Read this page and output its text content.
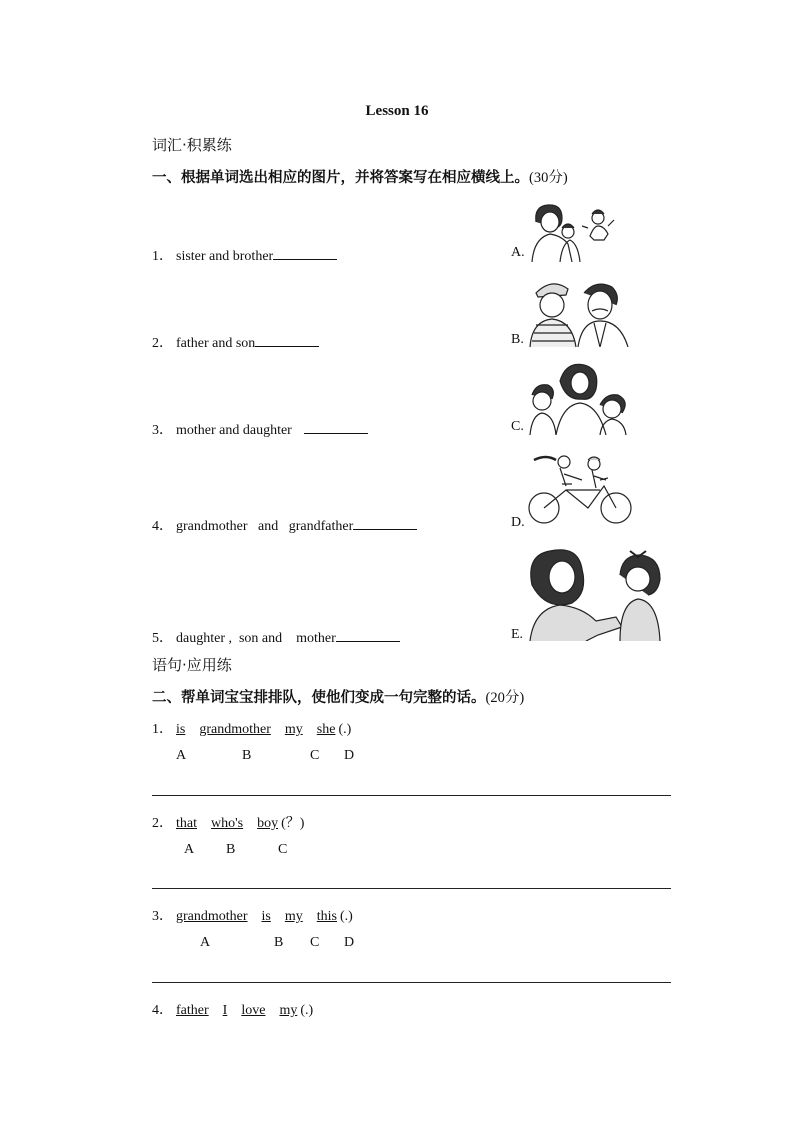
Lesson 16
词汇·积累练
一、根据单词选出相应的图片，并将答案写在相应横线上。(30分)
1． sister and brother
2． father and son
3． mother and daughter
4． grandmother   and   grandfather
5． daughter ,  son and    mother
A.
B.
C.
D.
E.
语句·应用练
二、帮单词宝宝排排队，使他们变成一句完整的话。(20分)
1． is grandmother my she (.)
A	B	C D
2． that who's boy (？)
A B	C
3． grandmother is my this (.)
A	B C D
4． father I love my (.)
